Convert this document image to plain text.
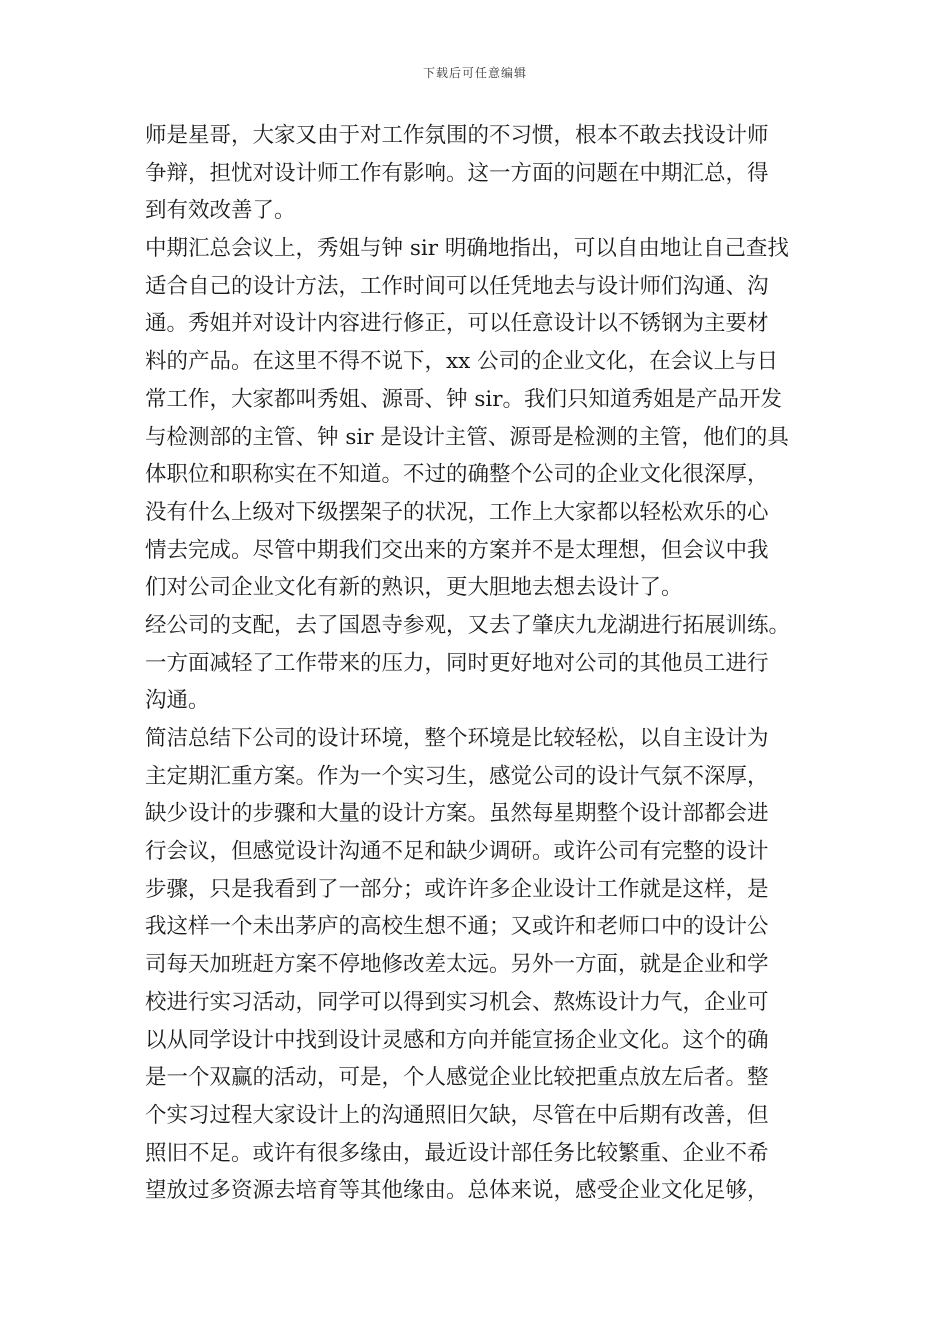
下载后可任意编辑
师是星哥，大家又由于对工作氛围的不习惯，根本不敢去找设计师
争辩，担忧对设计师工作有影响。这一方面的问题在中期汇总，得
到有效改善了。
中期汇总会议上，秀姐与钟 sir 明确地指出，可以自由地让自己查找
适合自己的设计方法，工作时间可以任凭地去与设计师们沟通、沟
通。秀姐并对设计内容进行修正，可以任意设计以不锈钢为主要材
料的产品。在这里不得不说下，xx 公司的企业文化，在会议上与日
常工作，大家都叫秀姐、源哥、钟 sir。我们只知道秀姐是产品开发
与检测部的主管、钟 sir 是设计主管、源哥是检测的主管，他们的具
体职位和职称实在不知道。不过的确整个公司的企业文化很深厚，
没有什么上级对下级摆架子的状况，工作上大家都以轻松欢乐的心
情去完成。尽管中期我们交出来的方案并不是太理想，但会议中我
们对公司企业文化有新的熟识，更大胆地去想去设计了。
经公司的支配，去了国恩寺参观，又去了肇庆九龙湖进行拓展训练。
一方面减轻了工作带来的压力，同时更好地对公司的其他员工进行
沟通。
简洁总结下公司的设计环境，整个环境是比较轻松，以自主设计为
主定期汇重方案。作为一个实习生，感觉公司的设计气氛不深厚，
缺少设计的步骤和大量的设计方案。虽然每星期整个设计部都会进
行会议，但感觉设计沟通不足和缺少调研。或许公司有完整的设计
步骤，只是我看到了一部分；或许许多企业设计工作就是这样，是
我这样一个未出茅庐的高校生想不通；又或许和老师口中的设计公
司每天加班赶方案不停地修改差太远。另外一方面，就是企业和学
校进行实习活动，同学可以得到实习机会、熬炼设计力气，企业可
以从同学设计中找到设计灵感和方向并能宣扬企业文化。这个的确
是一个双赢的活动，可是，个人感觉企业比较把重点放左后者。整
个实习过程大家设计上的沟通照旧欠缺，尽管在中后期有改善，但
照旧不足。或许有很多缘由，最近设计部任务比较繁重、企业不希
望放过多资源去培育等其他缘由。总体来说，感受企业文化足够，
